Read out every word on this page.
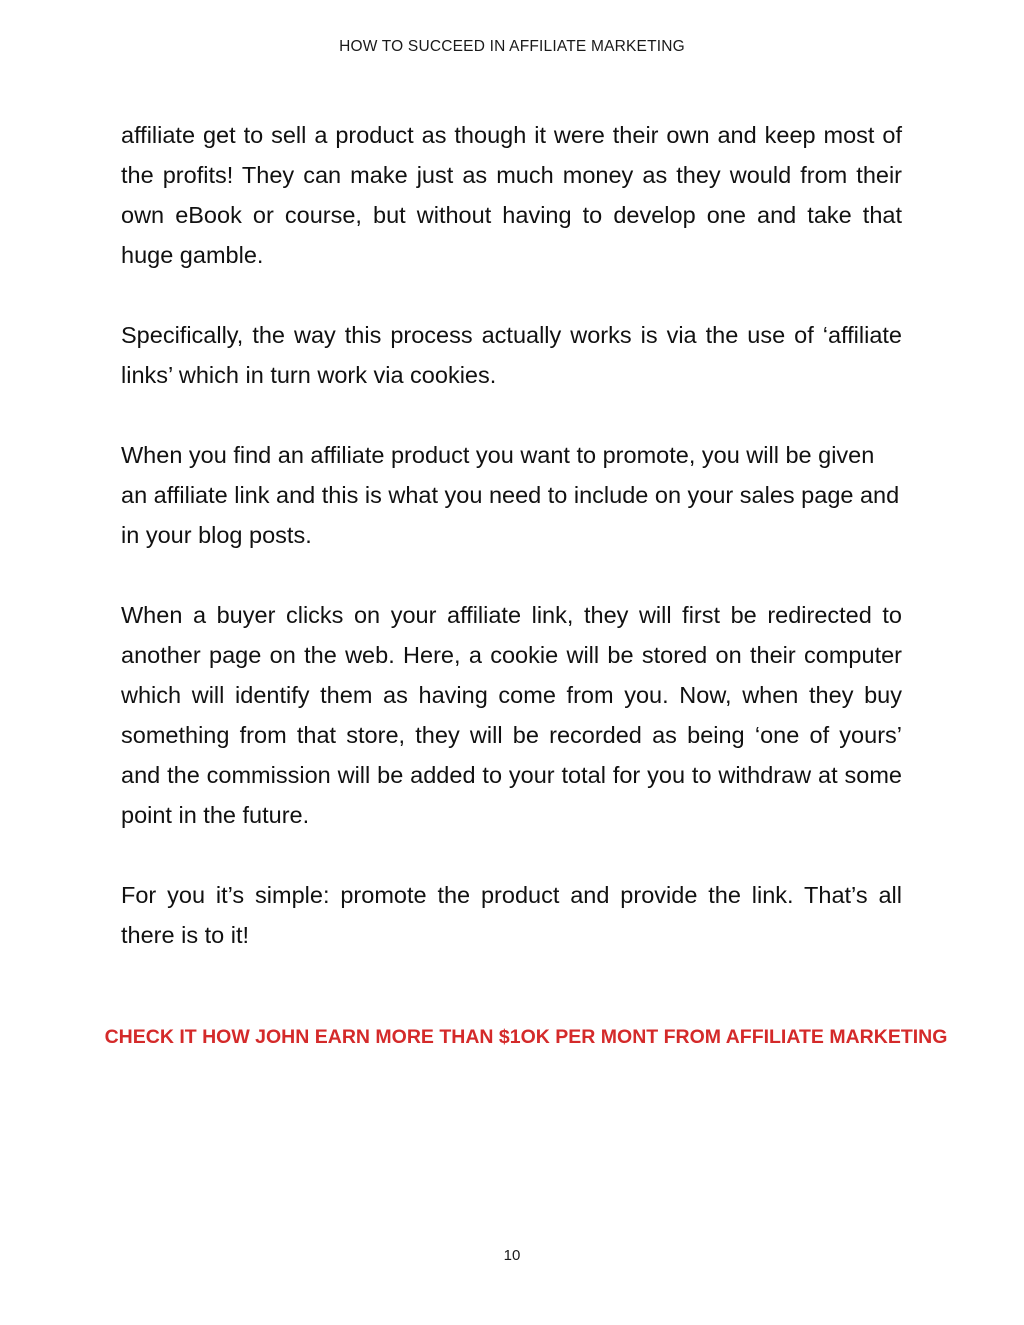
HOW TO SUCCEED IN AFFILIATE MARKETING

affiliate get to sell a product as though it were their own and keep most of the profits! They can make just as much money as they would from their own eBook or course, but without having to develop one and take that huge gamble.

Specifically, the way this process actually works is via the use of ‘affiliate links’ which in turn work via cookies.

When you find an affiliate product you want to promote, you will be given an affiliate link and this is what you need to include on your sales page and in your blog posts.

When a buyer clicks on your affiliate link, they will first be redirected to another page on the web. Here, a cookie will be stored on their computer which will identify them as having come from you. Now, when they buy something from that store, they will be recorded as being ‘one of yours’ and the commission will be added to your total for you to withdraw at some point in the future.

For you it’s simple: promote the product and provide the link. That’s all there is to it!

CHECK IT HOW JOHN EARN MORE THAN $1OK PER MONT FROM AFFILIATE MARKETING
10
